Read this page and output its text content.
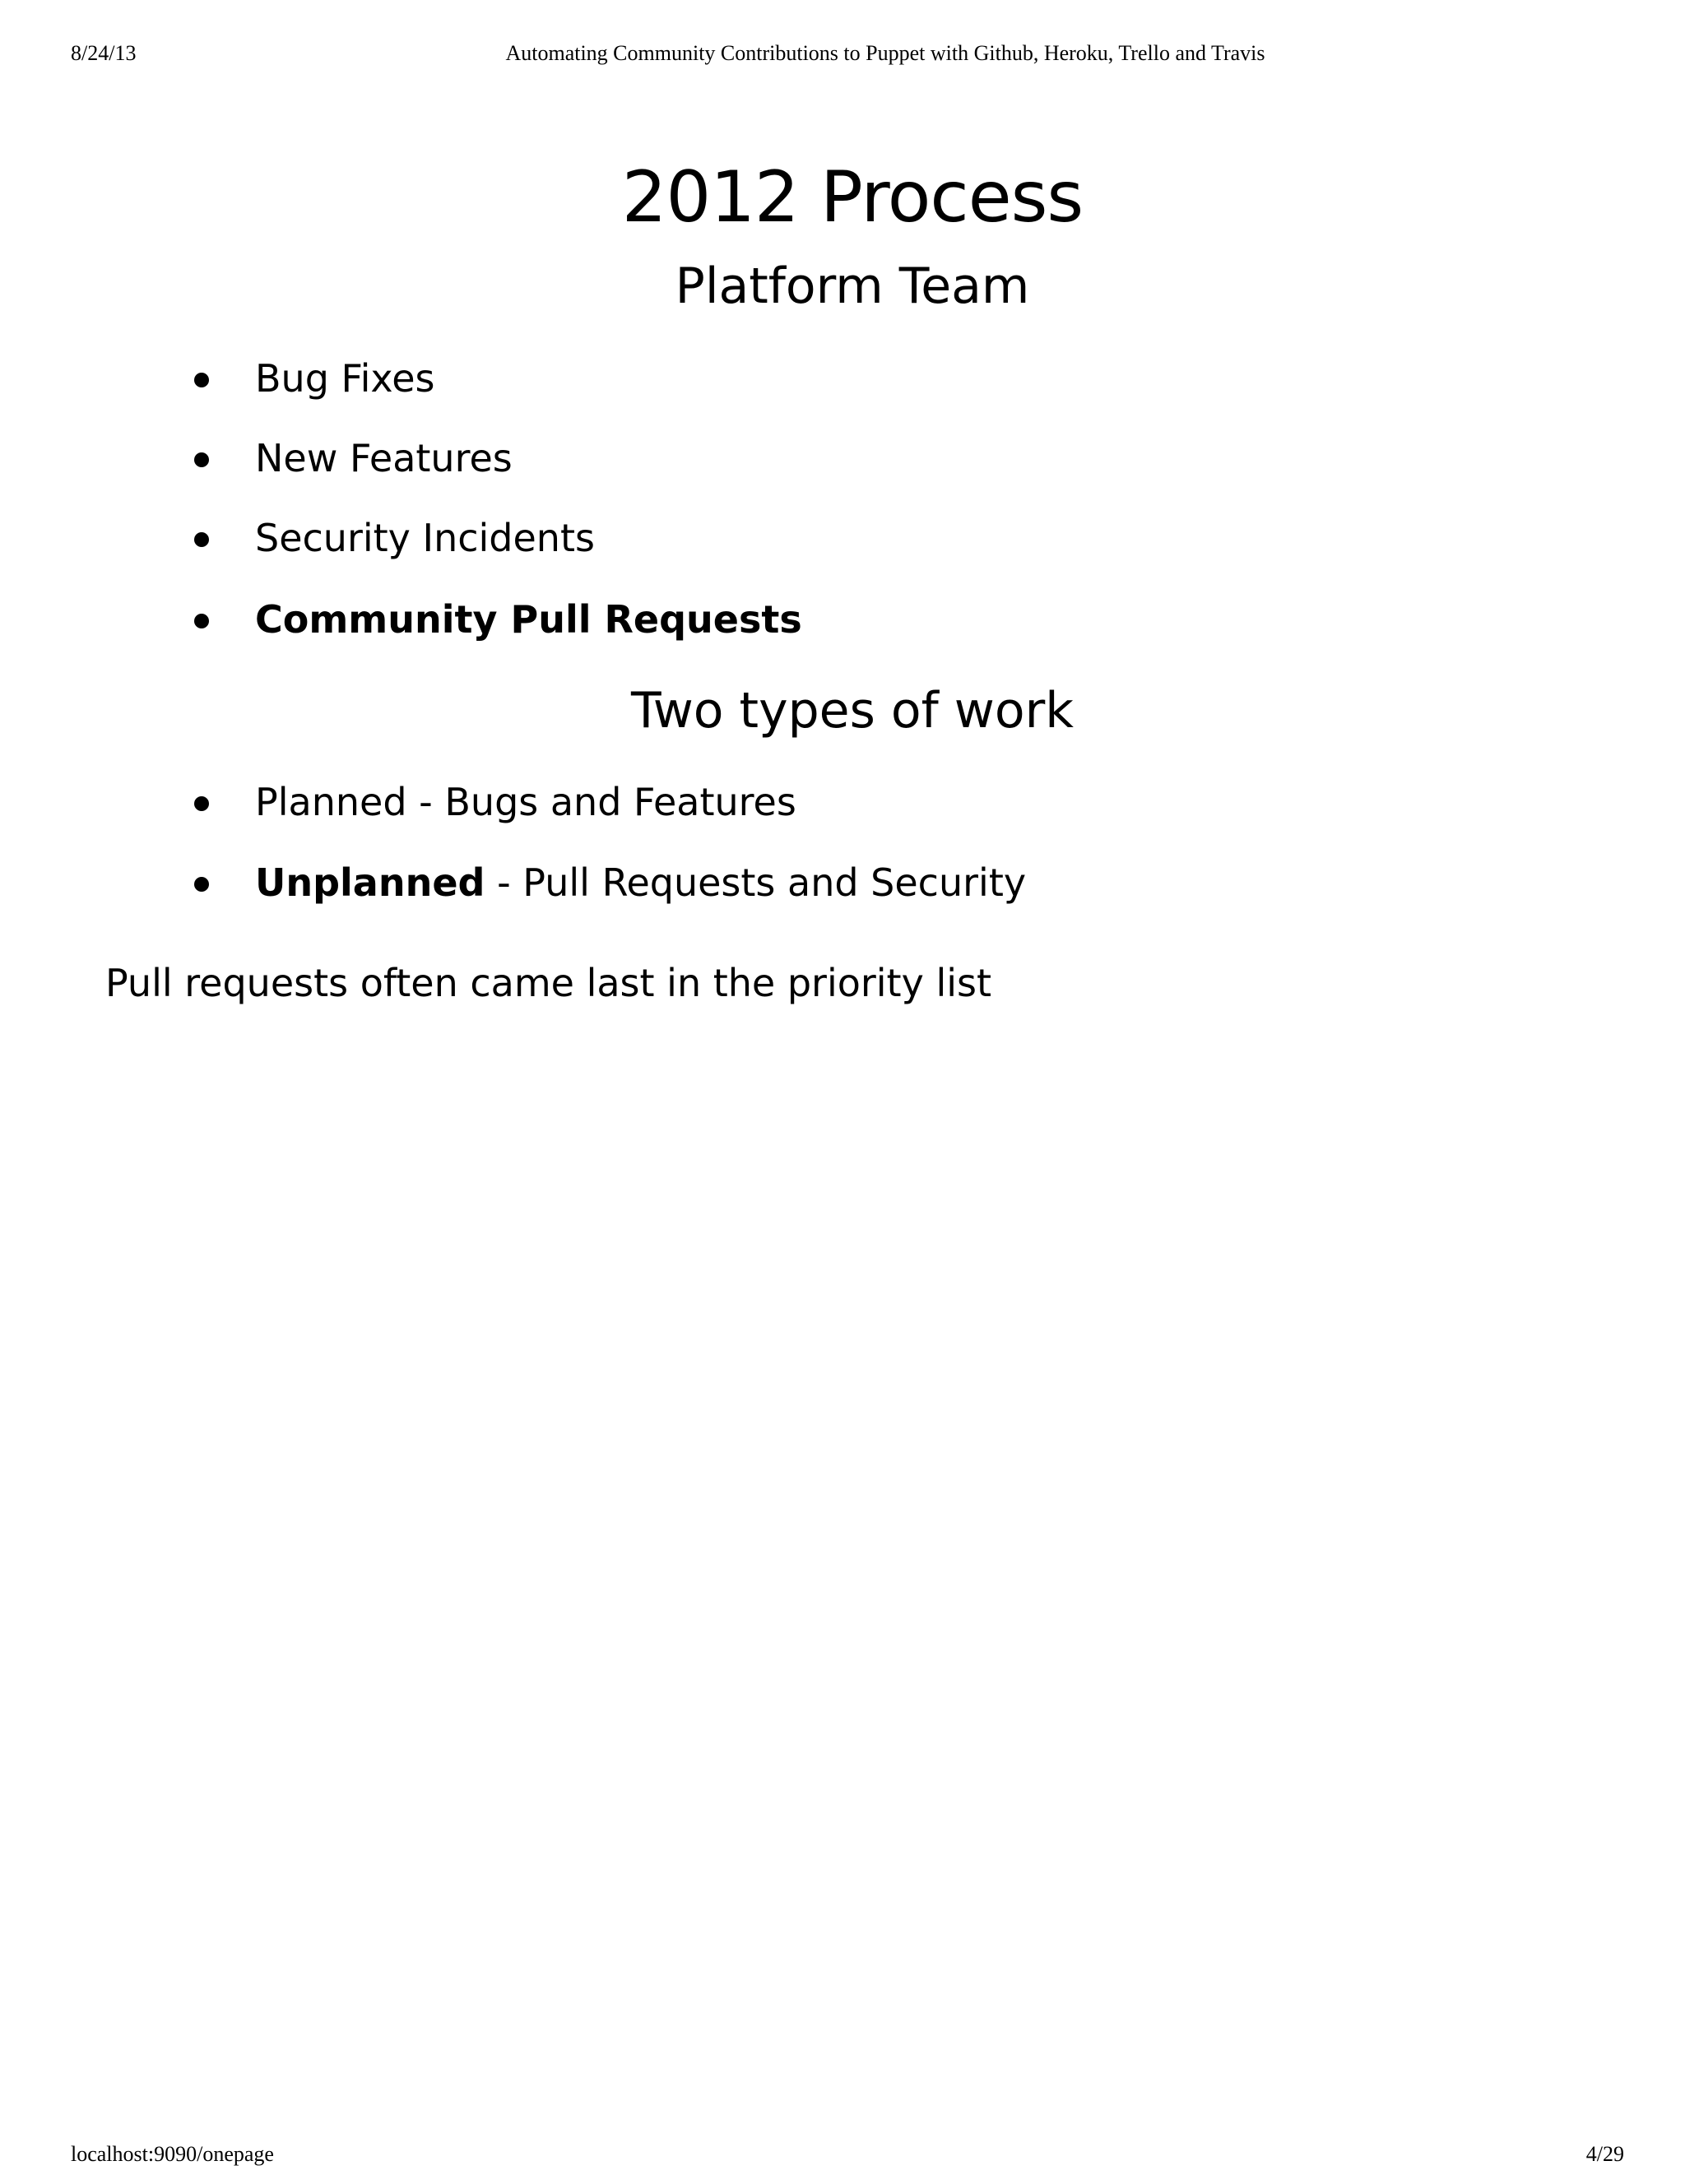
8/24/13	Automating Community Contributions to Puppet with Github, Heroku, Trello and Travis
2012 Process
Platform Team
Bug Fixes
New Features
Security Incidents
Community Pull Requests
Two types of work
Planned - Bugs and Features
Unplanned - Pull Requests and Security

Pull requests often came last in the priority list

localhost:9090/onepage	4/29
